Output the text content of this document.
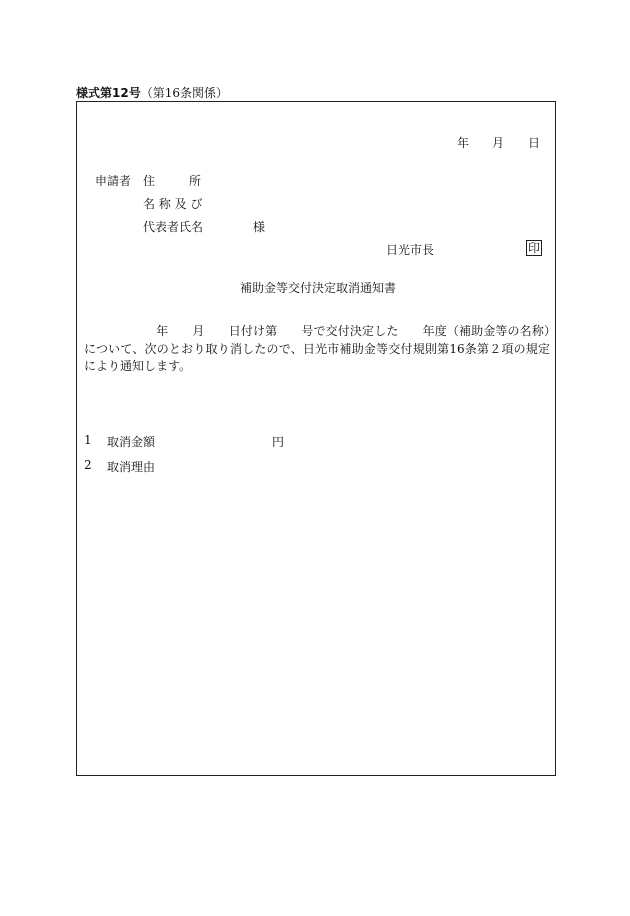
様式第12号（第16条関係）
年 月 日
申請者 住	所
名 称 及 び
代表者氏名	様
日光市長	印
補助金等交付決定取消通知書
年 月 日付け第 号で交付決定した 年度（補助金等の名称）について、次のとおり取り消したので、日光市補助金等交付規則第16条第２項の規定により通知します。
1 取消金額	円
2 取消理由
